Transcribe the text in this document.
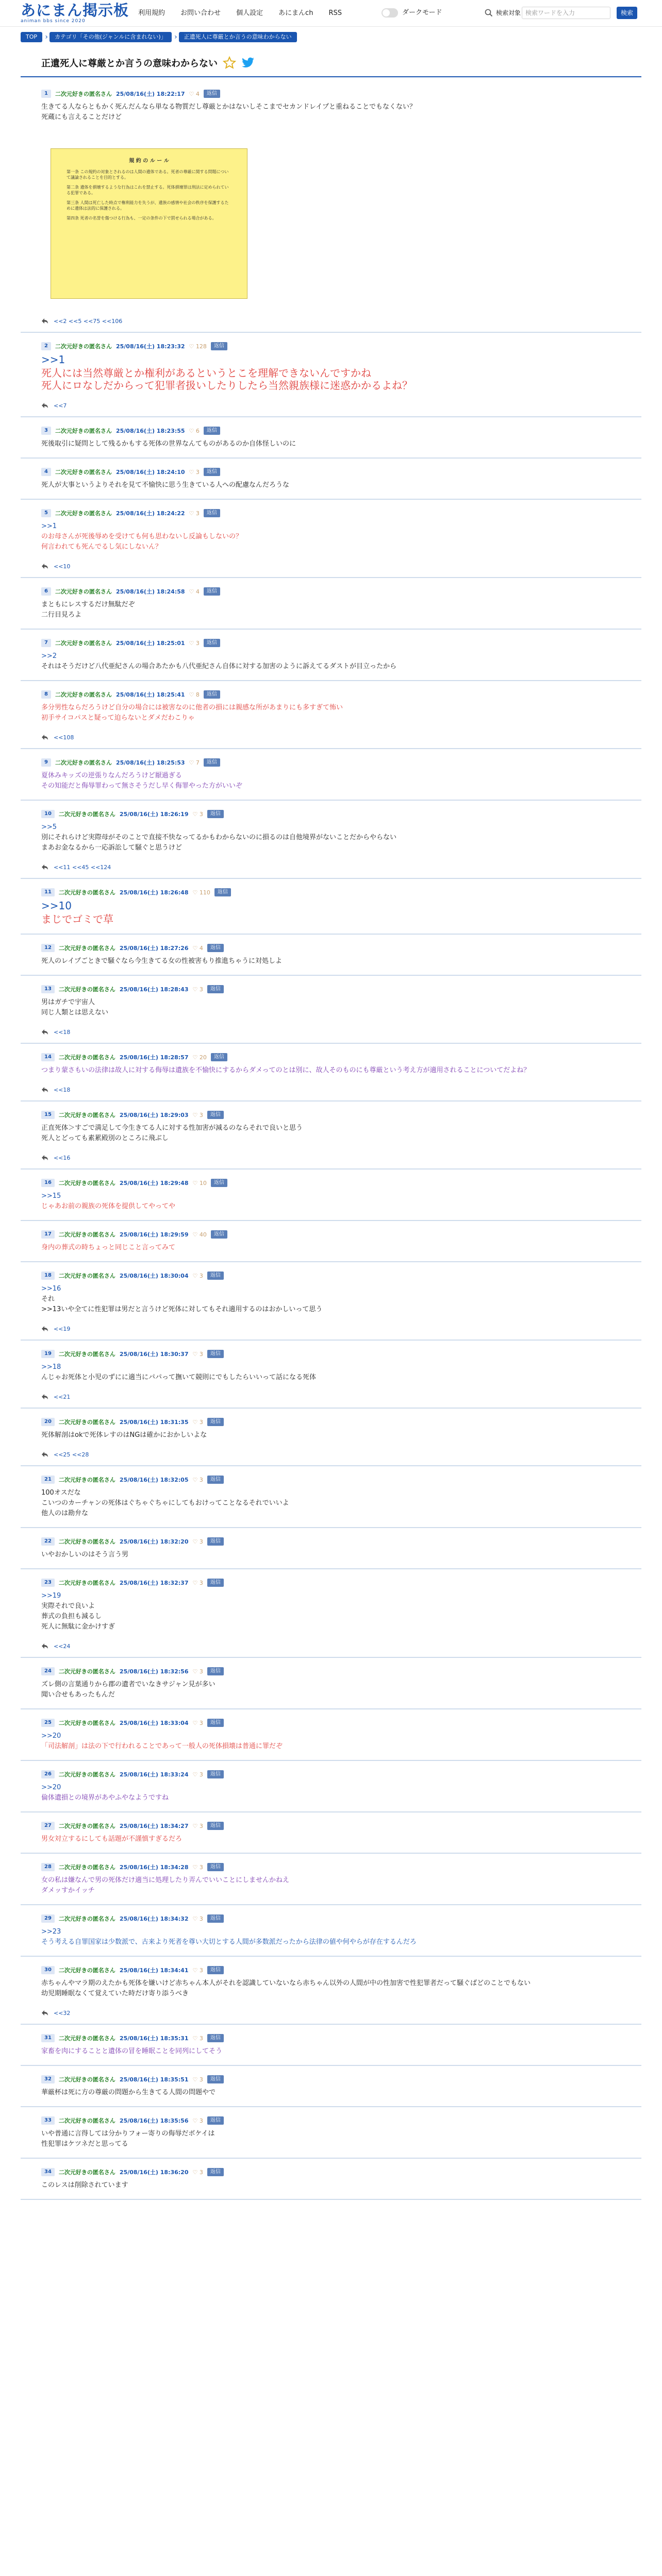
あにまん掲示板
animan bbs since 2020
利用規約 お問い合わせ 個人設定 あにまんch RSS	ダークモード	検索対象 検索ワードを入力	検索
TOP ›	カテゴリ「その他(ジャンルに含まれない)」 ›	正遺死人に尊厳とか言うの意味わからない
正遺死人に尊厳とか言うの意味わからない
1	二次元好きの匿名さん 25/08/16(土) 18:22:17 ♡ 4	返信
生きてる人ならともかく死んだんなら単なる物質だし尊厳とかはないしそこまでセカンドレイプと重ねることでもなくない？
死蔵にも言えることだけど
規 約 の ル ー ル
第一条 この規約の対象とされるのは人間の遺体である。死者の尊厳に関する問題について議論されることを目的とする。
第二条 遺体を損壊するような行為はこれを禁止する。死体損壊罪は刑法に定められている犯罪である。
第三条 人間は死亡した時点で権利能力を失うが、遺族の感情や社会の秩序を保護するために遺体は法的に保護される。
第四条 死者の名誉を傷つける行為も、一定の条件の下で罰せられる場合がある。
<<2 <<5 <<75 <<106
2	二次元好きの匿名さん 25/08/16(土) 18:23:32 ♡ 128	返信
>>1
死人には当然尊厳とか権利があるというとこを理解できないんですかね
死人にロなしだからって犯罪者扱いしたりしたら当然親族様に迷惑かかるよね？
<<7
3	二次元好きの匿名さん 25/08/16(土) 18:23:55 ♡ 6	返信
死後取引に疑問として残るかもする死体の世界なんてものがあるのか自体怪しいのに
4	二次元好きの匿名さん 25/08/16(土) 18:24:10 ♡ 3	返信
死人が大事というよりそれを見て不愉快に思う生きている人への配慮なんだろうな
5	二次元好きの匿名さん 25/08/16(土) 18:24:22 ♡ 3	返信
>>1
のお母さんが死後辱めを受けても何も思わないし反論もしないの？
何言われても死んでるし気にしないん？
<<10
6	二次元好きの匿名さん 25/08/16(土) 18:24:58 ♡ 4	返信
まともにレスするだけ無駄だぞ
二行目見ろよ
7	二次元好きの匿名さん 25/08/16(土) 18:25:01 ♡ 3	返信
>>2
それはそうだけど八代亜紀さんの場合あたかも八代亜紀さん自体に対する加害のように訴えてるダストが目立ったから
8	二次元好きの匿名さん 25/08/16(土) 18:25:41 ♡ 8	返信
多分男性ならだろうけど自分の場合には被害なのに他者の損には親感な所があまりにも多すぎて怖い
初手サイコパスと疑って迫らないとダメだわこりゃ
<<108
9	二次元好きの匿名さん 25/08/16(土) 18:25:53 ♡ 7	返信
夏休みキッズの逆張りなんだろうけど厭過ぎる
その知能だと侮辱罪わって無さそうだし早く侮罪やった方がいいぞ
10	二次元好きの匿名さん 25/08/16(土) 18:26:19 ♡ 3	返信
>>5
別にそれらけど実際母がそのことで直接不快なってるかもわからないのに損るのは自他境界がないことだからやらない
まあお金なるから一応訴訟して騒ぐと思うけど
<<11 <<45 <<124
11	二次元好きの匿名さん 25/08/16(土) 18:26:48 ♡ 110	返信
>>10
まじでゴミで草
12	二次元好きの匿名さん 25/08/16(土) 18:27:26 ♡ 4	返信
死人のレイプごときで騒ぐなら今生きてる女の性被害もり推進ちゃうに対処しよ
13	二次元好きの匿名さん 25/08/16(土) 18:28:43 ♡ 3	返信
男はガチで宇宙人
同じ人類とは思えない
<<18
14	二次元好きの匿名さん 25/08/16(土) 18:28:57 ♡ 20	返信
つまり蒙さもいの法律は故人に対する侮辱は遺族を不愉快にするからダメってのとは別に、故人そのものにも尊厳という考え方が適用されることについてだよね？
<<18
15	二次元好きの匿名さん 25/08/16(土) 18:29:03 ♡ 3	返信
正直死体＞すごで満足して今生きてる人に対する性加害が減るのならそれで良いと思う
死人とどっても素累殿別のところに飛ぶし
<<16
16	二次元好きの匿名さん 25/08/16(土) 18:29:48 ♡ 10	返信
>>15
じゃあお前の親族の死体を提供してやってや
17	二次元好きの匿名さん 25/08/16(土) 18:29:59 ♡ 40	返信
身内の葬式の時ちょっと同じこと言ってみて
18	二次元好きの匿名さん 25/08/16(土) 18:30:04 ♡ 3	返信
>>16
それ
>>13いや全てに性犯罪は男だと言うけど死体に対してもそれ適用するのはおかしいって思う
<<19
19	二次元好きの匿名さん 25/08/16(土) 18:30:37 ♡ 3	返信
>>18
んじゃお死体と小児のずにに適当にパパって撫いて競則にでもしたらいいって話になる死体
<<21
20	二次元好きの匿名さん 25/08/16(土) 18:31:35 ♡ 3	返信
死体解剖はokで死体レすのはNGは確かにおかしいよな
<<25 <<28
21	二次元好きの匿名さん 25/08/16(土) 18:32:05 ♡ 3	返信
100オスだな
こいつのカーチャンの死体はぐちゃぐちゃにしてもおけってことなるそれでいいよ
他人のは勘弁な
22	二次元好きの匿名さん 25/08/16(土) 18:32:20 ♡ 3	返信
いやおかしいのはそう言う男
23	二次元好きの匿名さん 25/08/16(土) 18:32:37 ♡ 3	返信
>>19
実際それで良いよ
葬式の負担も減るし
死人に無駄に金かけすぎ
<<24
24	二次元好きの匿名さん 25/08/16(土) 18:32:56 ♡ 3	返信
ズレ側の言葉通りから郡の遺者でいなきサジャン見が多い
聞い合せもあったもんだ
25	二次元好きの匿名さん 25/08/16(土) 18:33:04 ♡ 3	返信
>>20
「司法解剖」は法の下で行われることであって一般人の死体損壊は普通に罪だぞ
26	二次元好きの匿名さん 25/08/16(土) 18:33:24 ♡ 3	返信
>>20
倫体遺損との境界があやふやなようですね
27	二次元好きの匿名さん 25/08/16(土) 18:34:27 ♡ 3	返信
男女対立するにしても話題が不謹慎すぎるだろ
28	二次元好きの匿名さん 25/08/16(土) 18:34:28 ♡ 3	返信
女の私は嫌なんで男の死体だけ適当に処理したり弄んでいいことにしませんかねえ
ダメッすかイッチ
29	二次元好きの匿名さん 25/08/16(土) 18:34:32 ♡ 3	返信
>>23
そう考える自罪国家は少数派で、古来より死者を尊い大切とする人間が多数派だったから法律の値や何やらが存在するんだろ
30	二次元好きの匿名さん 25/08/16(土) 18:34:41 ♡ 3	返信
赤ちゃんやマラ期のえたかも死体を嫌いけど赤ちゃん本人がそれを認識していないなら赤ちゃん以外の人間が中の性加害で性犯罪者だって騒ぐばどのことでもない
幼児期睡眠なくて覚えていた時だけ寄り添うべき
<<32
31	二次元好きの匿名さん 25/08/16(土) 18:35:31 ♡ 3	返信
家畜を肉にすることと遺体の冒を睡眠ことを同列にしてそう
32	二次元好きの匿名さん 25/08/16(土) 18:35:51 ♡ 3	返信
華厳杯は死に方の尊厳の問題から生きてる人間の問題やで
33	二次元好きの匿名さん 25/08/16(土) 18:35:56 ♡ 3	返信
いや普通に言得しては分かりフォー寄りの侮辱だボケイは
性犯罪はケツネだと思ってる
34	二次元好きの匿名さん 25/08/16(土) 18:36:20 ♡ 3	返信
このレスは削除されています
